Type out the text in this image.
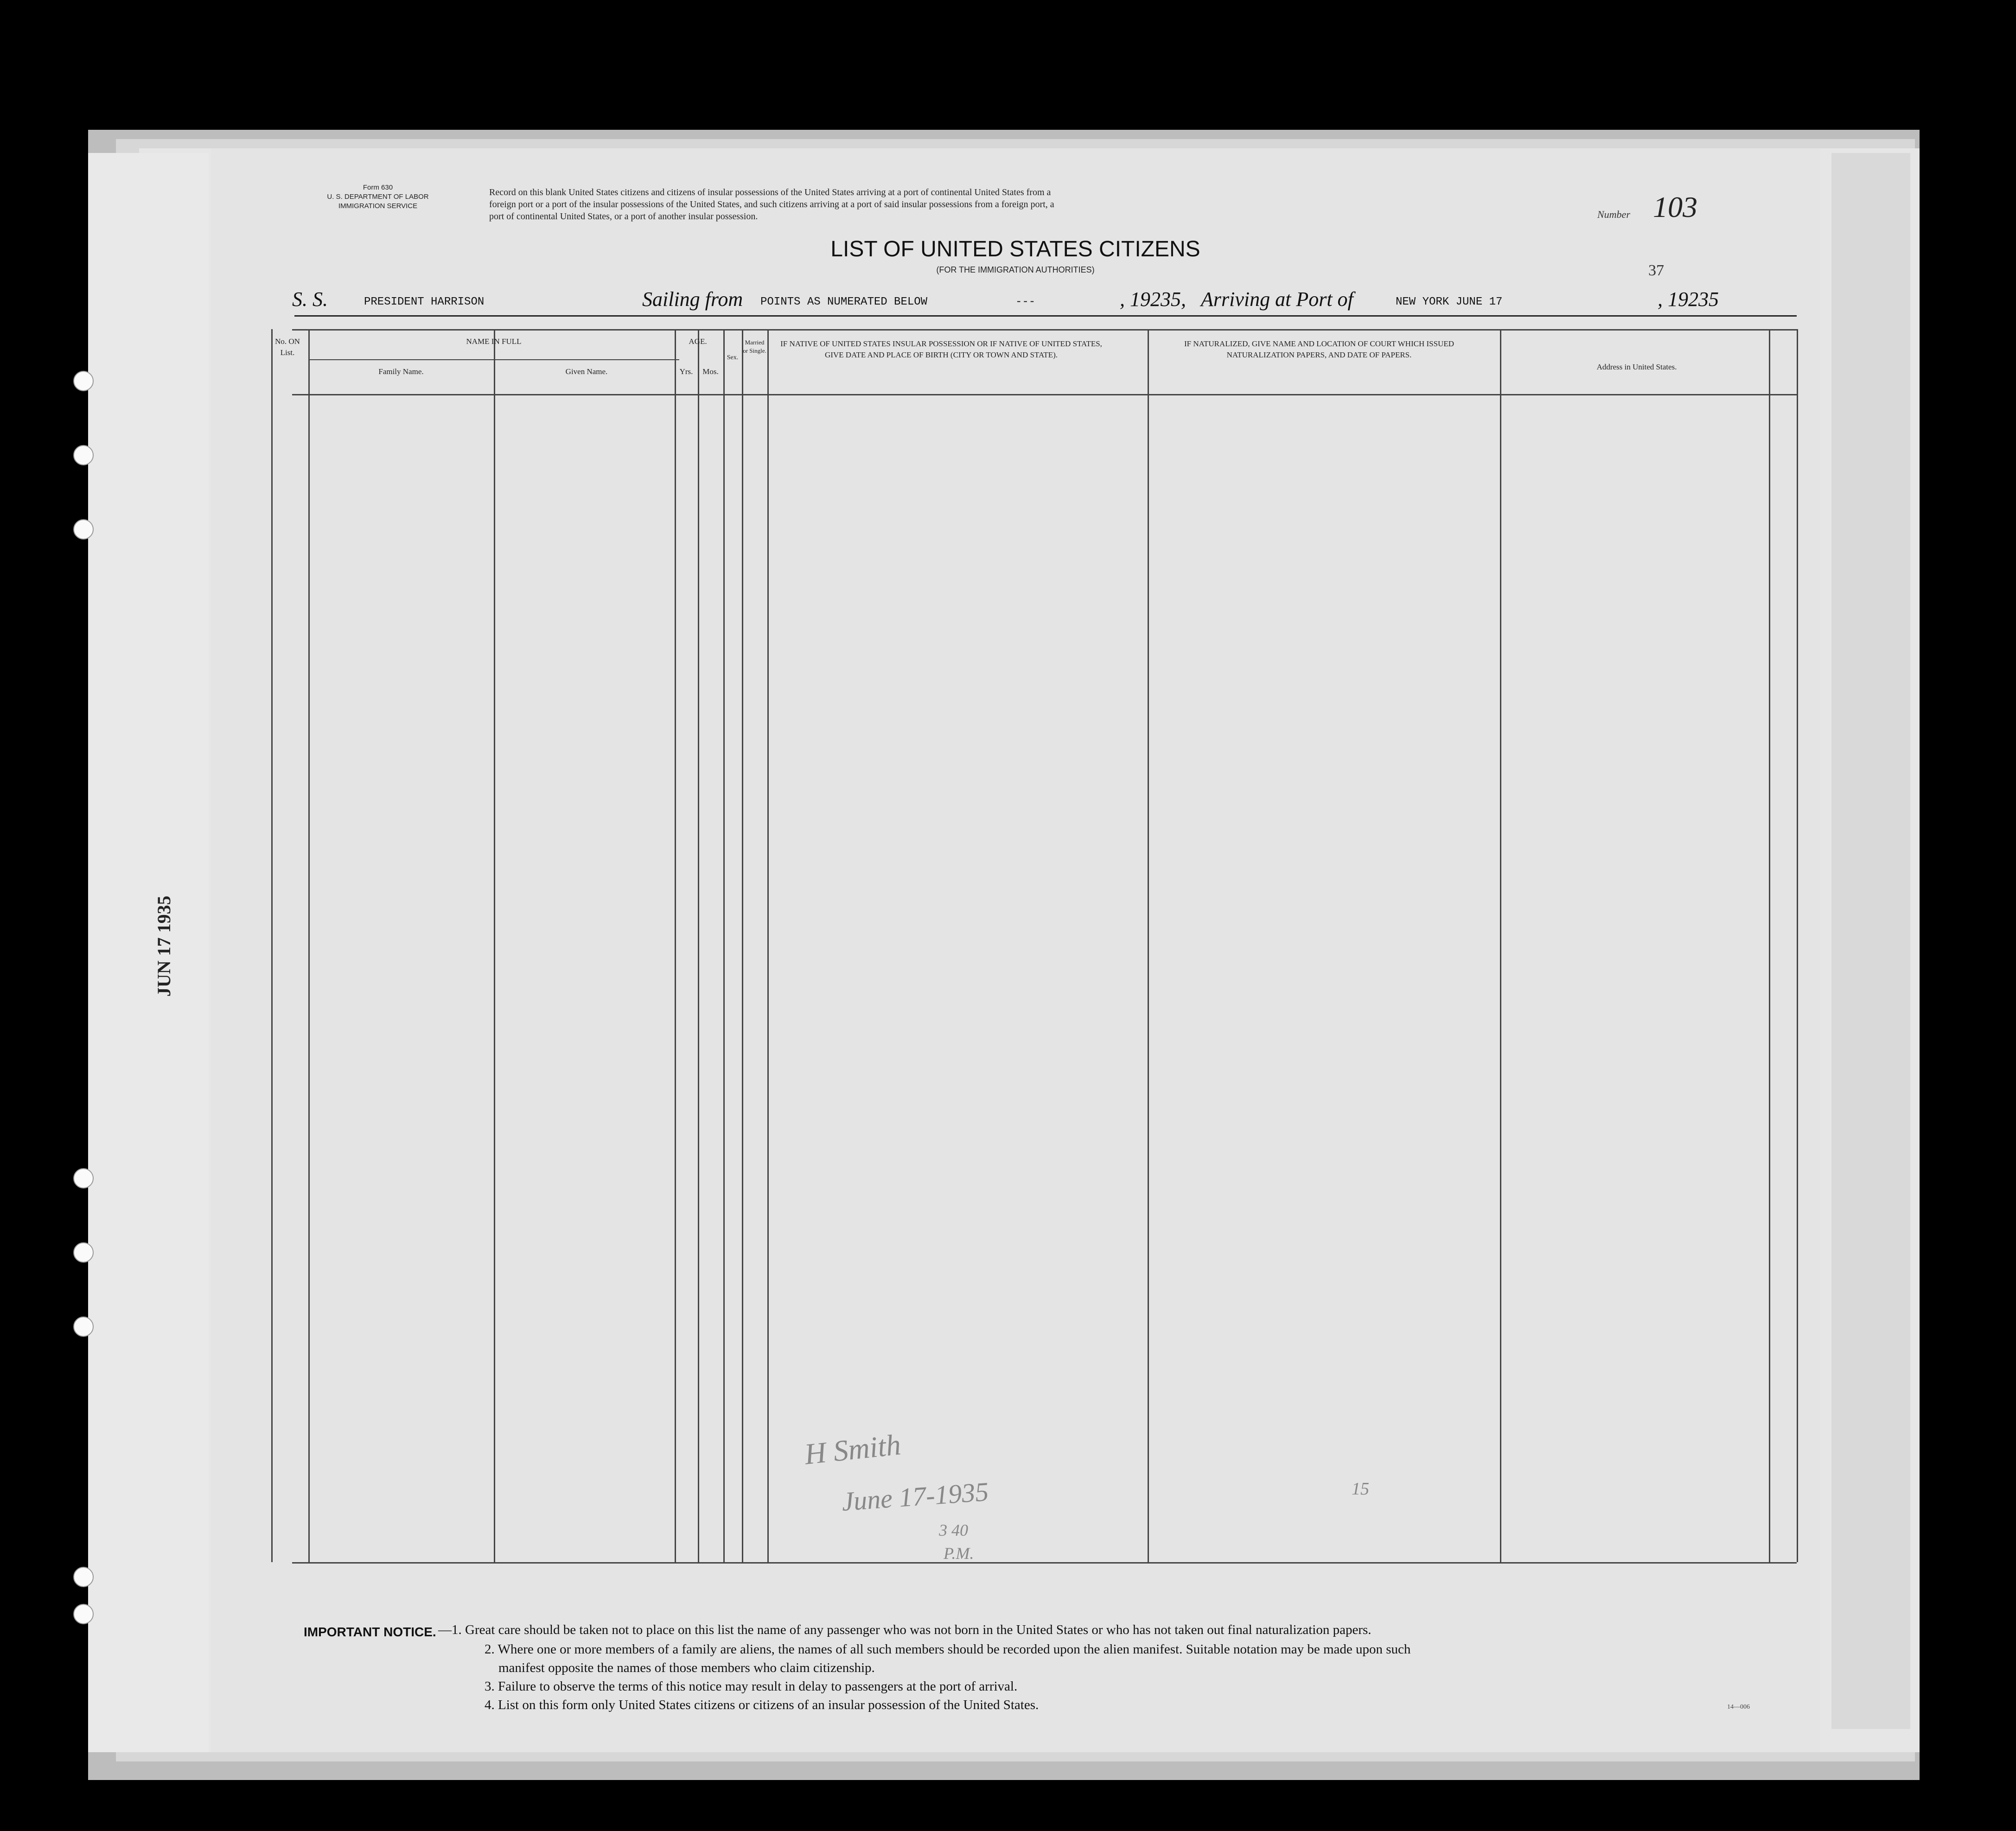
JUN 17 1935
Form 630
U. S. DEPARTMENT OF LABOR
IMMIGRATION SERVICE
Record on this blank United States citizens and citizens of insular possessions of the United States arriving at a port of continental United States from a
foreign port or a port of the insular possessions of the United States, and such citizens arriving at a port of said insular possessions from a foreign port, a
port of continental United States, or a port of another insular possession.	Number 103
LIST OF UNITED STATES CITIZENS
(FOR THE IMMIGRATION AUTHORITIES)	37
S. S.	PRESIDENT HARRISON	Sailing from POINTS AS NUMERATED BELOW	---	, 19235, Arriving at Port of	NEW YORK JUNE 17	, 19235
No. ON List.
NAME IN FULL
Family Name.	Given Name.
AGE.
Yrs.	Mos.
Sex.
Married or Single.
IF NATIVE OF UNITED STATES INSULAR POSSESSION OR IF NATIVE OF UNITED STATES, GIVE DATE AND PLACE OF BIRTH (CITY OR TOWN AND STATE).
IF NATURALIZED, GIVE NAME AND LOCATION OF COURT WHICH ISSUED NATURALIZATION PAPERS, AND DATE OF PAPERS.
Address in United States.
H Smith
June 17-1935
3 40
P.M.
15
IMPORTANT NOTICE. —1. Great care should be taken not to place on this list the name of any passenger who was not born in the United States or who has not taken out final naturalization papers.
2. Where one or more members of a family are aliens, the names of all such members should be recorded upon the alien manifest. Suitable notation may be made upon such
manifest opposite the names of those members who claim citizenship.
3. Failure to observe the terms of this notice may result in delay to passengers at the port of arrival.
4. List on this form only United States citizens or citizens of an insular possession of the United States.	14—006
